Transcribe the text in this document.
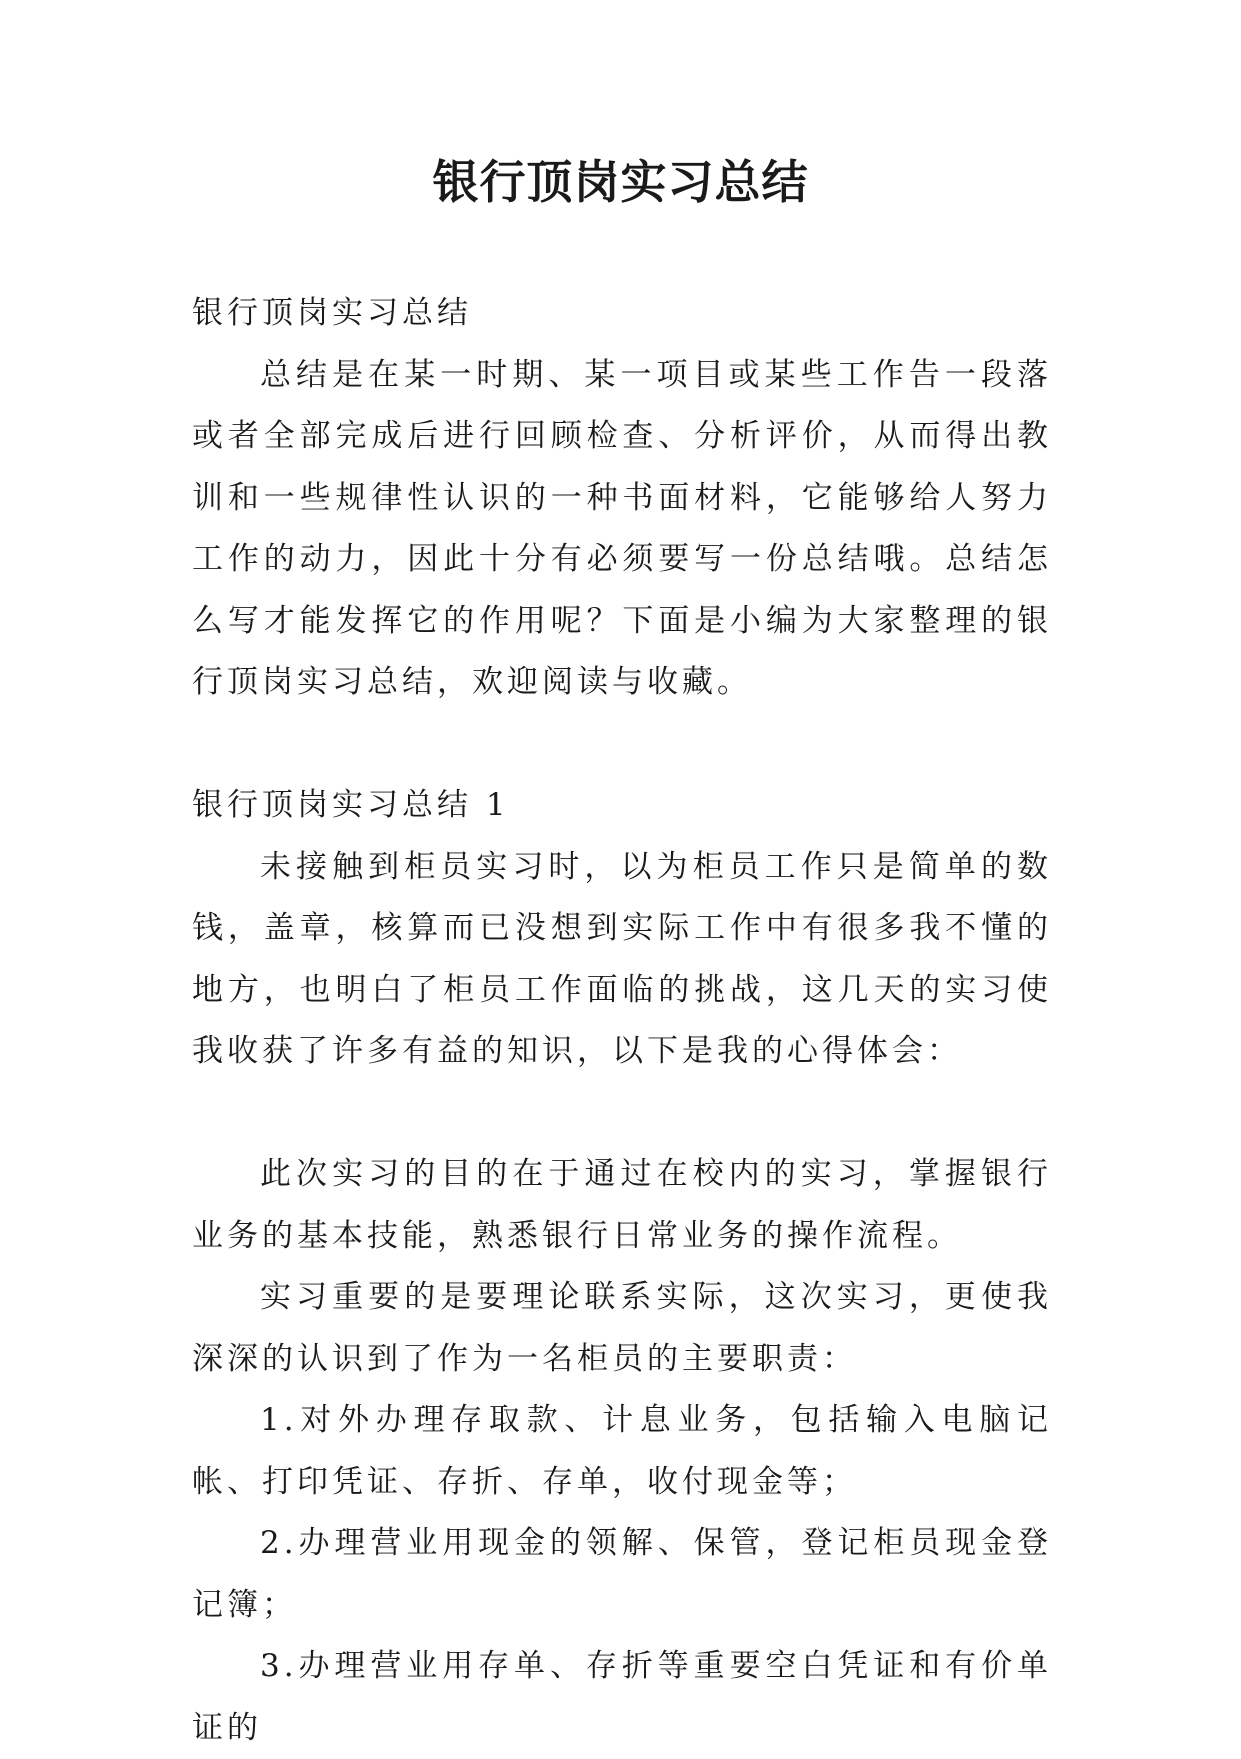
银行顶岗实习总结

银行顶岗实习总结

总结是在某一时期、某一项目或某些工作告一段落或者全部完成后进行回顾检查、分析评价，从而得出教训和一些规律性认识的一种书面材料，它能够给人努力工作的动力，因此十分有必须要写一份总结哦。总结怎么写才能发挥它的作用呢？下面是小编为大家整理的银行顶岗实习总结，欢迎阅读与收藏。

银行顶岗实习总结 1

未接触到柜员实习时，以为柜员工作只是简单的数钱，盖章，核算而已没想到实际工作中有很多我不懂的地方，也明白了柜员工作面临的挑战，这几天的实习使我收获了许多有益的知识，以下是我的心得体会：

此次实习的目的在于通过在校内的实习，掌握银行业务的基本技能，熟悉银行日常业务的操作流程。

实习重要的是要理论联系实际，这次实习，更使我深深的认识到了作为一名柜员的主要职责：

1.对外办理存取款、计息业务，包括输入电脑记帐、打印凭证、存折、存单，收付现金等；

2.办理营业用现金的领解、保管，登记柜员现金登记簿；

3.办理营业用存单、存折等重要空白凭证和有价单证的
